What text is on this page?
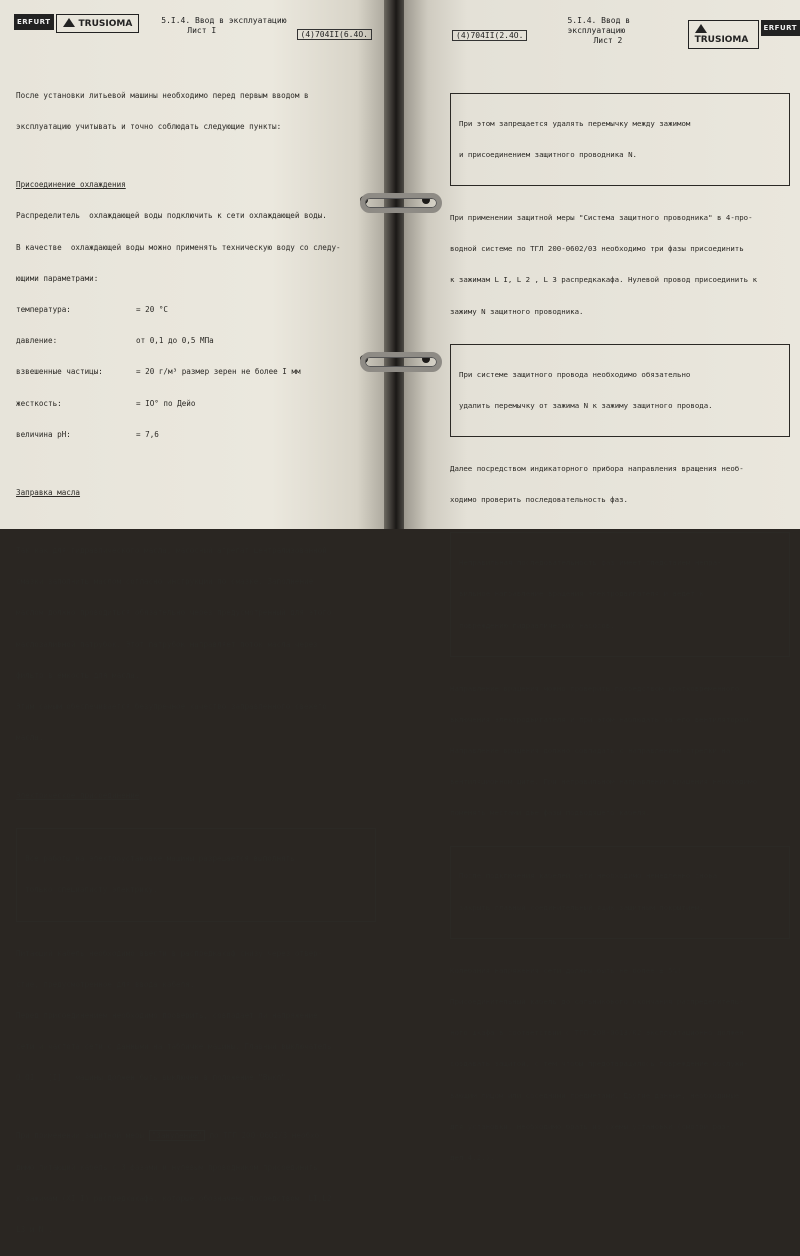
ERFURT	TRUSIOMA	5.I.4. Ввод в эксплуатацию
Лист I	(4)704II(6.4O.

После установки литьевой машины необходимо перед первым вводом в

эксплуатацию учитывать и точно соблюдать следующие пункты:

Присоединение охлаждения

Распределитель  охлаждающей воды подключить к сети охлаждающей воды.

В качестве  охлаждающей воды можно применять техническую воду со следу-

ющими параметрами:

температура:	= 20 °C

давление:	от 0,1 до 0,5 МПа

взвешенные частицы:	= 20 г/м³ размер зерен не более I мм

жесткость:	= IO° по Дейо

величина рН:	= 7,6

Заправка масла

Так как для гидравлического масла, масосный агрегат централизованной

смазки заполнить маслом согласно инструкции по смазке. Заполнение

маслом должно проводиться обязательно через предусмотренный для этого

маслозаливной патрубок. Этот патрубок направляет поток масла через

фильтр в ёмкость для масла.

Этим самым обеспечивается безупречное качество заправленного свежего

масла.

Электрическое присоединение

Все работы на электроустановке машины разрешается выполнять

только специалисту электрику.

Питающий кабель необходимо ввести в распредкакаф снизу через отвер-

стие, предусмотренное для ввода кабеля.

Перед присоединением необходимо проверить, совпадает ли напряжение

сети и частота сети с данными на табличке машины. Главный выключатель

Q OI   [I]   машины должен быть выключен в положение "Выкл".

При применении защитной меры "Зануление" по ТГЛ 200-0602/3 необхо-

димо питающий кабель с 3 фазами и нулевым проводником присоединить

к зажимам (XI I) распредкакафа, которые обозначены посредством  LI,L2

L3 и N .

(4)704II(2.4O.
5.I.4. Ввод в эксплуатацию
Лист 2	TRUSIOMA
ERFURT

При этом запрещается удалять перемычку между зажимом

и присоединением защитного проводника N.

При применении защитной меры "Система защитного проводника" в 4-про-

водной системе по ТГЛ 200-0602/03 необходимо три фазы присоединить

к зажимам L I, L 2 , L 3 распредкакафа. Нулевой провод присоединить к

зажиму N защитного проводника.

При системе защитного провода необходимо обязательно

удалить перемычку от зажима N к зажиму защитного провода.

Далее посредством индикаторного прибора направления вращения необ-

ходимо проверить последовательность фаз.

Неправильная последовательность фаз имеет следствием непра-

вильное направление вращения электродвигателя и ведет к

повреждению гидравлических насосов.

Направление вращения можно проверить посредством кратковременного

включения электродвигателя и при этом наблюдать за его вентилятором.

Направление вращения должно совпадать с направлением стрелки на

вентиляционном щите. При неправильном направлении вращения необходимо

поменять местами две фазы подводящего кабеля.

После подключения кабелей сети необходимо немедленно снова

закрыть главный соединительный ящик защитным покрытием.

Колебания напряжения сети должны быть не более ± 5%!

Присоединительный кабель до сальникового окончания распределитель-

ного шкафа в соответствии с ТГЛ 200-0613/02 эксплуатационно должен

создавать защитой, с тем чтобы предотвращалось повреждение обслужи-

вающим лицом или соседними предметами. Другие данные, необходимые

для установки, необходимо брать из схемы установки (смотри раз-

дел 4.2.).
